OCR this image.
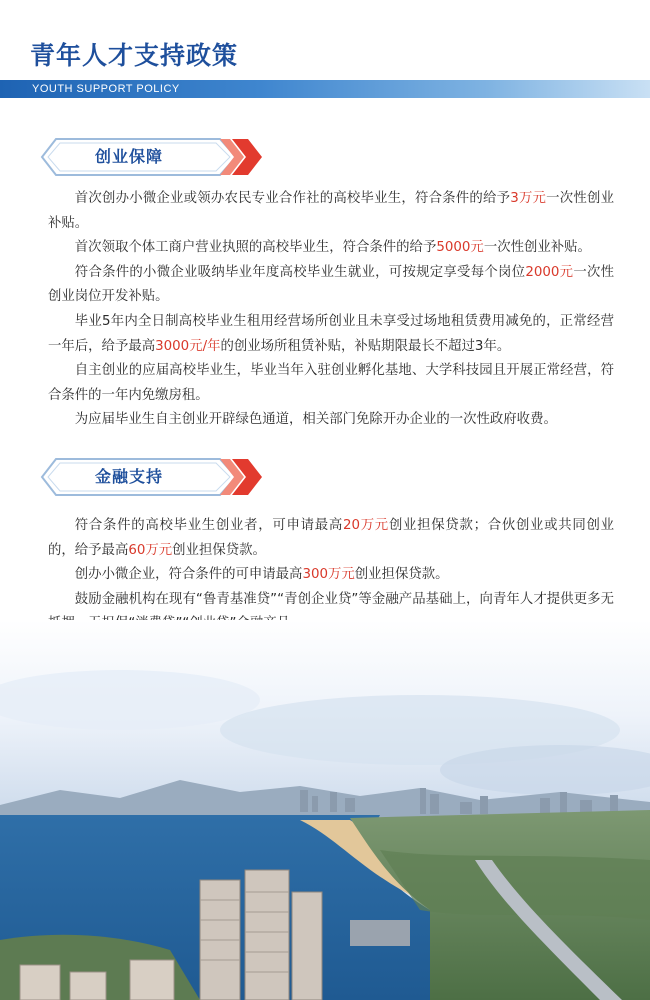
青年人才支持政策
YOUTH SUPPORT POLICY
创业保障

首次创办小微企业或领办农民专业合作社的高校毕业生，符合条件的给予3万元一次性创业补贴。

首次领取个体工商户营业执照的高校毕业生，符合条件的给予5000元一次性创业补贴。

符合条件的小微企业吸纳毕业年度高校毕业生就业，可按规定享受每个岗位2000元一次性创业岗位开发补贴。

毕业5年内全日制高校毕业生租用经营场所创业且未享受过场地租赁费用减免的，正常经营一年后，给予最高3000元/年的创业场所租赁补贴，补贴期限最长不超过3年。

自主创业的应届高校毕业生，毕业当年入驻创业孵化基地、大学科技园且开展正常经营，符合条件的一年内免缴房租。

为应届毕业生自主创业开辟绿色通道，相关部门免除开办企业的一次性政府收费。

金融支持

符合条件的高校毕业生创业者，可申请最高20万元创业担保贷款；合伙创业或共同创业的，给予最高60万元创业担保贷款。

创办小微企业，符合条件的可申请最高300万元创业担保贷款。

鼓励金融机构在现有“鲁青基准贷”“青创企业贷”等金融产品基础上，向青年人才提供更多无
